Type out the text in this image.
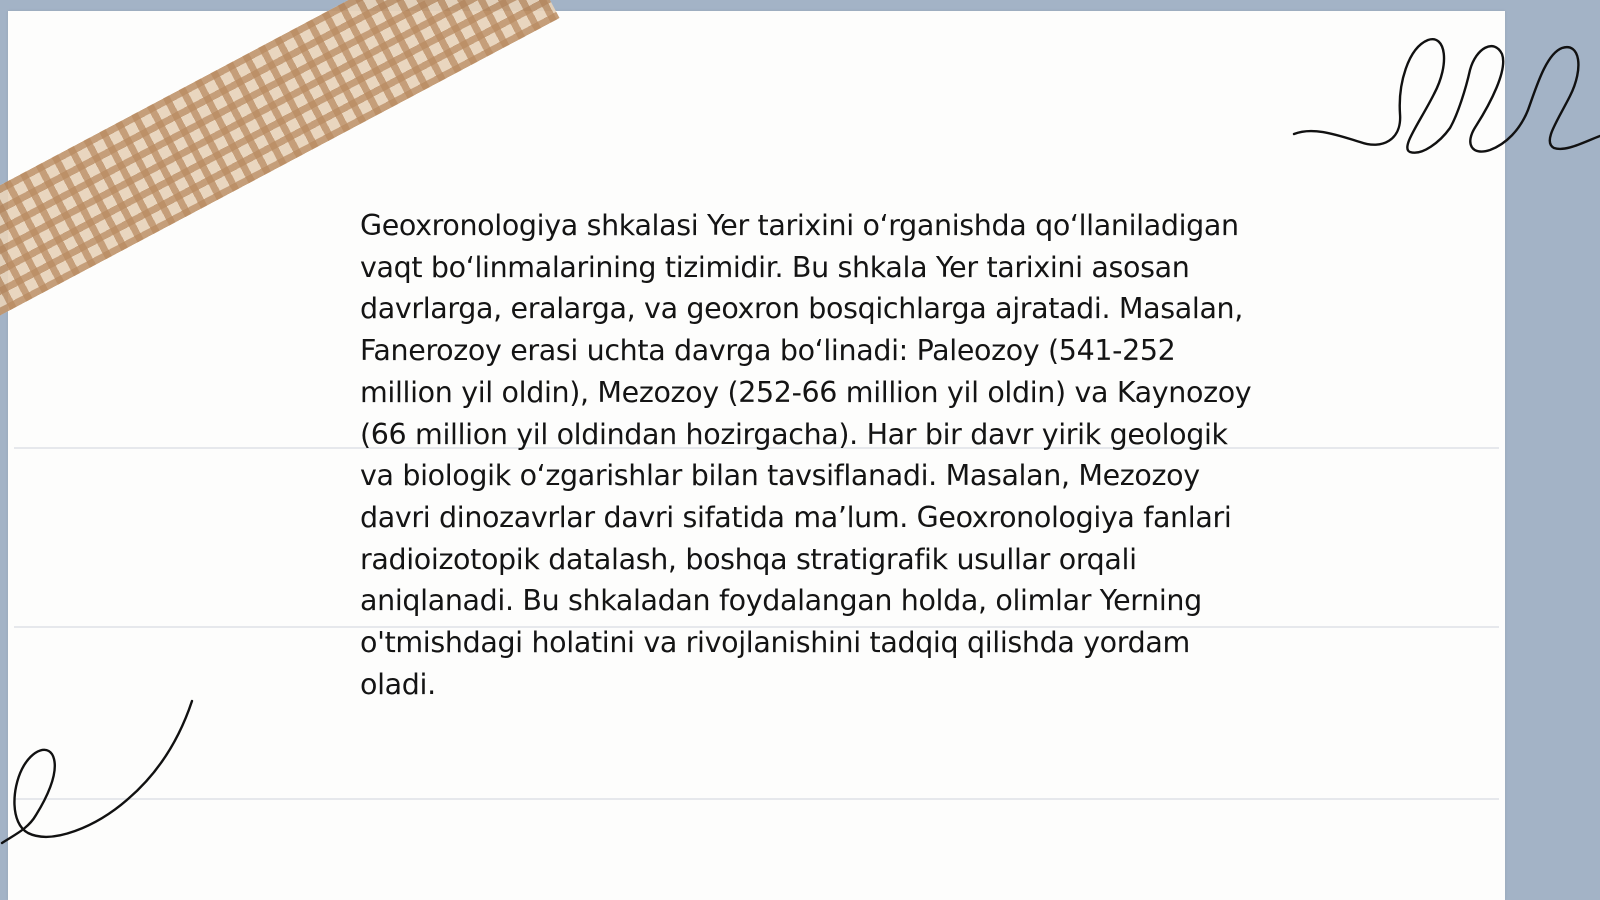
Geoxronologiya shkalasi Yer tarixini o‘rganishda qo‘llaniladigan vaqt bo‘linmalarining tizimidir. Bu shkala Yer tarixini asosan davrlarga, eralarga, va geoxron bosqichlarga ajratadi. Masalan, Fanerozoy erasi uchta davrga bo‘linadi: Paleozoy (541-252 million yil oldin), Mezozoy (252-66 million yil oldin) va Kaynozoy (66 million yil oldindan hozirgacha). Har bir davr yirik geologik va biologik o‘zgarishlar bilan tavsiflanadi. Masalan, Mezozoy davri dinozavrlar davri sifatida ma’lum. Geoxronologiya fanlari radioizotopik datalash, boshqa stratigrafik usullar orqali aniqlanadi. Bu shkaladan foydalangan holda, olimlar Yerning o'tmishdagi holatini va rivojlanishini tadqiq qilishda yordam oladi.
